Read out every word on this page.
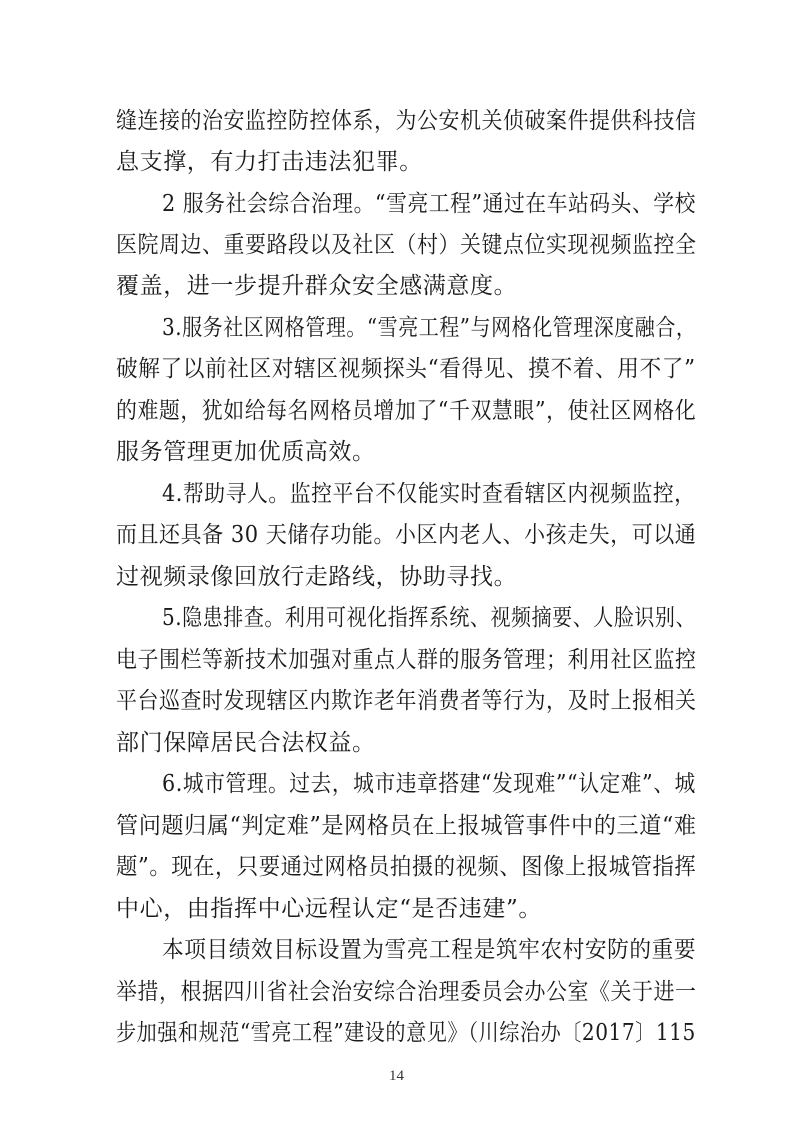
缝连接的治安监控防控体系，为公安机关侦破案件提供科技信
息支撑，有力打击违法犯罪。
2 服务社会综合治理。“雪亮工程”通过在车站码头、学校
医院周边、重要路段以及社区（村）关键点位实现视频监控全
覆盖，进一步提升群众安全感满意度。
3.服务社区网格管理。“雪亮工程”与网格化管理深度融合，
破解了以前社区对辖区视频探头“看得见、摸不着、用不了”
的难题，犹如给每名网格员增加了“千双慧眼”，使社区网格化
服务管理更加优质高效。
4.帮助寻人。监控平台不仅能实时查看辖区内视频监控，
而且还具备 30 天储存功能。小区内老人、小孩走失，可以通
过视频录像回放行走路线，协助寻找。
5.隐患排查。利用可视化指挥系统、视频摘要、人脸识别、
电子围栏等新技术加强对重点人群的服务管理；利用社区监控
平台巡查时发现辖区内欺诈老年消费者等行为，及时上报相关
部门保障居民合法权益。
6.城市管理。过去，城市违章搭建“发现难”“认定难”、城
管问题归属“判定难”是网格员在上报城管事件中的三道“难
题”。现在，只要通过网格员拍摄的视频、图像上报城管指挥
中心，由指挥中心远程认定“是否违建”。
本项目绩效目标设置为雪亮工程是筑牢农村安防的重要
举措，根据四川省社会治安综合治理委员会办公室《关于进一
步加强和规范“雪亮工程”建设的意见》（川综治办〔2017〕115
14
